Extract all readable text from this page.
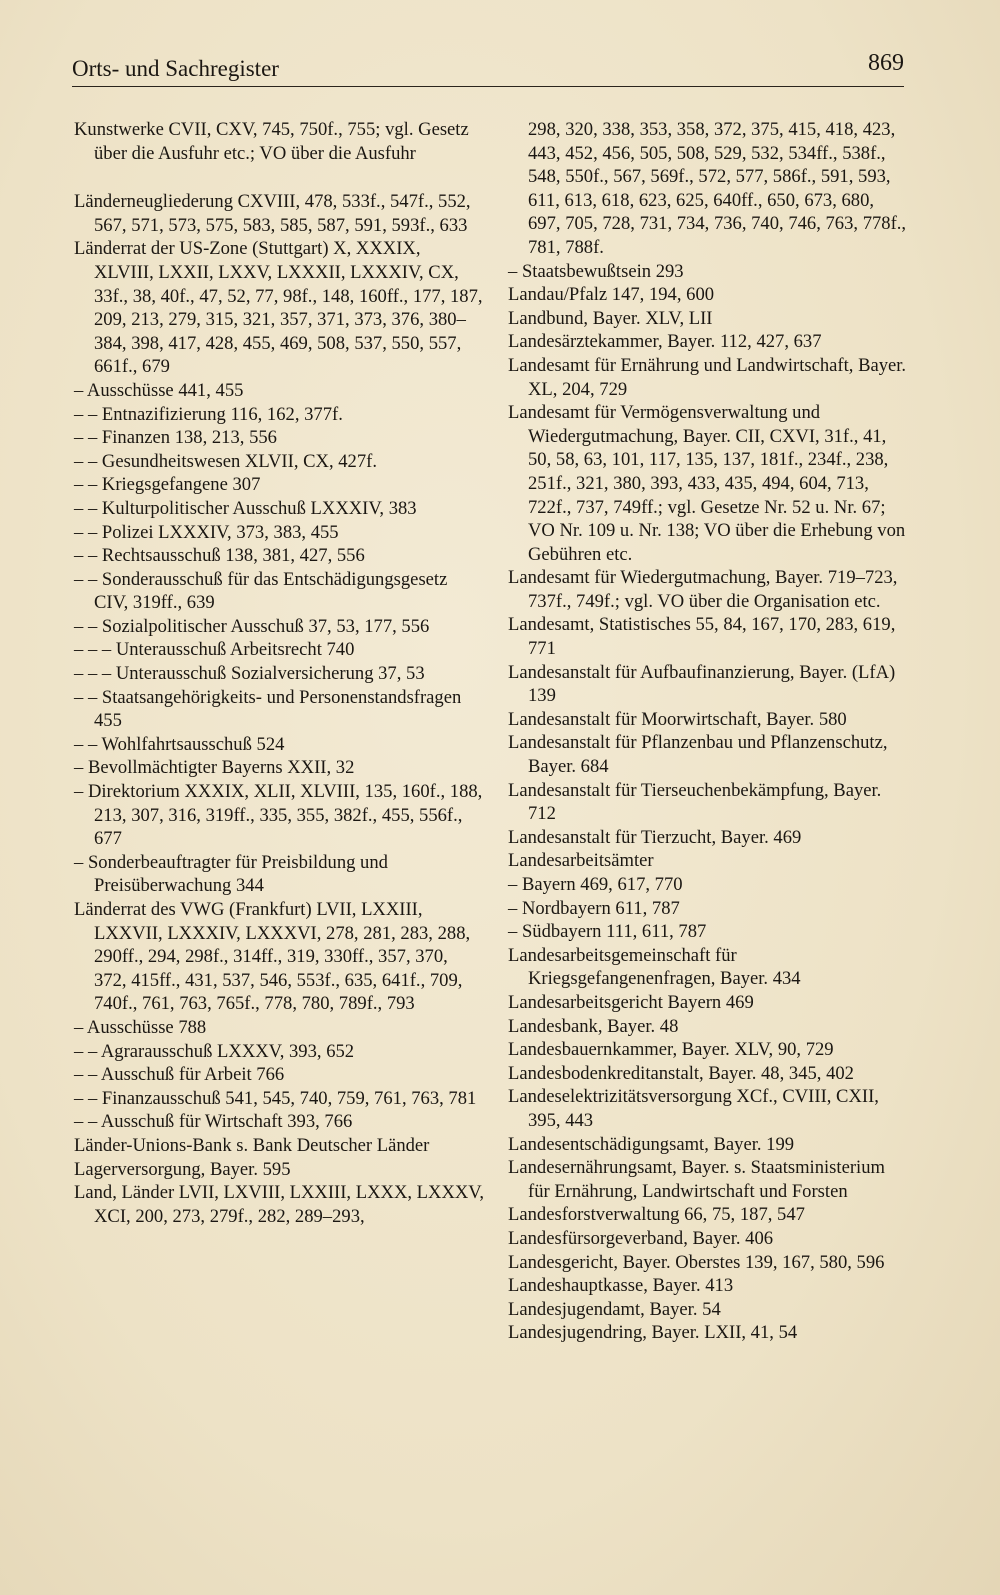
Orts- und Sachregister	869

Kunstwerke CVII, CXV, 745, 750f., 755; vgl. Gesetz über die Ausfuhr etc.; VO über die Ausfuhr

Länderneugliederung CXVIII, 478, 533f., 547f., 552, 567, 571, 573, 575, 583, 585, 587, 591, 593f., 633

Länderrat der US-Zone (Stuttgart) X, XXXIX, XLVIII, LXXII, LXXV, LXXXII, LXXXIV, CX, 33f., 38, 40f., 47, 52, 77, 98f., 148, 160ff., 177, 187, 209, 213, 279, 315, 321, 357, 371, 373, 376, 380–384, 398, 417, 428, 455, 469, 508, 537, 550, 557, 661f., 679

– Ausschüsse 441, 455

– – Entnazifizierung 116, 162, 377f.

– – Finanzen 138, 213, 556

– – Gesundheitswesen XLVII, CX, 427f.

– – Kriegsgefangene 307

– – Kulturpolitischer Ausschuß LXXXIV, 383

– – Polizei LXXXIV, 373, 383, 455

– – Rechtsausschuß 138, 381, 427, 556

– – Sonderausschuß für das Entschädigungsgesetz CIV, 319ff., 639

– – Sozialpolitischer Ausschuß 37, 53, 177, 556

– – – Unterausschuß Arbeitsrecht 740

– – – Unterausschuß Sozialversicherung 37, 53

– – Staatsangehörigkeits- und Personenstandsfragen 455

– – Wohlfahrtsausschuß 524

– Bevollmächtigter Bayerns XXII, 32

– Direktorium XXXIX, XLII, XLVIII, 135, 160f., 188, 213, 307, 316, 319ff., 335, 355, 382f., 455, 556f., 677

– Sonderbeauftragter für Preisbildung und Preisüberwachung 344

Länderrat des VWG (Frankfurt) LVII, LXXIII, LXXVII, LXXXIV, LXXXVI, 278, 281, 283, 288, 290ff., 294, 298f., 314ff., 319, 330ff., 357, 370, 372, 415ff., 431, 537, 546, 553f., 635, 641f., 709, 740f., 761, 763, 765f., 778, 780, 789f., 793

– Ausschüsse 788

– – Agrarausschuß LXXXV, 393, 652

– – Ausschuß für Arbeit 766

– – Finanzausschuß 541, 545, 740, 759, 761, 763, 781

– – Ausschuß für Wirtschaft 393, 766

Länder-Unions-Bank s. Bank Deutscher Länder

Lagerversorgung, Bayer. 595

Land, Länder LVII, LXVIII, LXXIII, LXXX, LXXXV, XCI, 200, 273, 279f., 282, 289–293,

298, 320, 338, 353, 358, 372, 375, 415, 418, 423, 443, 452, 456, 505, 508, 529, 532, 534ff., 538f., 548, 550f., 567, 569f., 572, 577, 586f., 591, 593, 611, 613, 618, 623, 625, 640ff., 650, 673, 680, 697, 705, 728, 731, 734, 736, 740, 746, 763, 778f., 781, 788f.

– Staatsbewußtsein 293

Landau/Pfalz 147, 194, 600

Landbund, Bayer. XLV, LII

Landesärztekammer, Bayer. 112, 427, 637

Landesamt für Ernährung und Landwirtschaft, Bayer. XL, 204, 729

Landesamt für Vermögensverwaltung und Wiedergutmachung, Bayer. CII, CXVI, 31f., 41, 50, 58, 63, 101, 117, 135, 137, 181f., 234f., 238, 251f., 321, 380, 393, 433, 435, 494, 604, 713, 722f., 737, 749ff.; vgl. Gesetze Nr. 52 u. Nr. 67; VO Nr. 109 u. Nr. 138; VO über die Erhebung von Gebühren etc.

Landesamt für Wiedergutmachung, Bayer. 719–723, 737f., 749f.; vgl. VO über die Organisation etc.

Landesamt, Statistisches 55, 84, 167, 170, 283, 619, 771

Landesanstalt für Aufbaufinanzierung, Bayer. (LfA) 139

Landesanstalt für Moorwirtschaft, Bayer. 580

Landesanstalt für Pflanzenbau und Pflanzenschutz, Bayer. 684

Landesanstalt für Tierseuchenbekämpfung, Bayer. 712

Landesanstalt für Tierzucht, Bayer. 469

Landesarbeitsämter

– Bayern 469, 617, 770

– Nordbayern 611, 787

– Südbayern 111, 611, 787

Landesarbeitsgemeinschaft für Kriegsgefangenenfragen, Bayer. 434

Landesarbeitsgericht Bayern 469

Landesbank, Bayer. 48

Landesbauernkammer, Bayer. XLV, 90, 729

Landesbodenkreditanstalt, Bayer. 48, 345, 402

Landeselektrizitätsversorgung XCf., CVIII, CXII, 395, 443

Landesentschädigungsamt, Bayer. 199

Landesernährungsamt, Bayer. s. Staatsministerium für Ernährung, Landwirtschaft und Forsten

Landesforstverwaltung 66, 75, 187, 547

Landesfürsorgeverband, Bayer. 406

Landesgericht, Bayer. Oberstes 139, 167, 580, 596

Landeshauptkasse, Bayer. 413

Landesjugendamt, Bayer. 54

Landesjugendring, Bayer. LXII, 41, 54
